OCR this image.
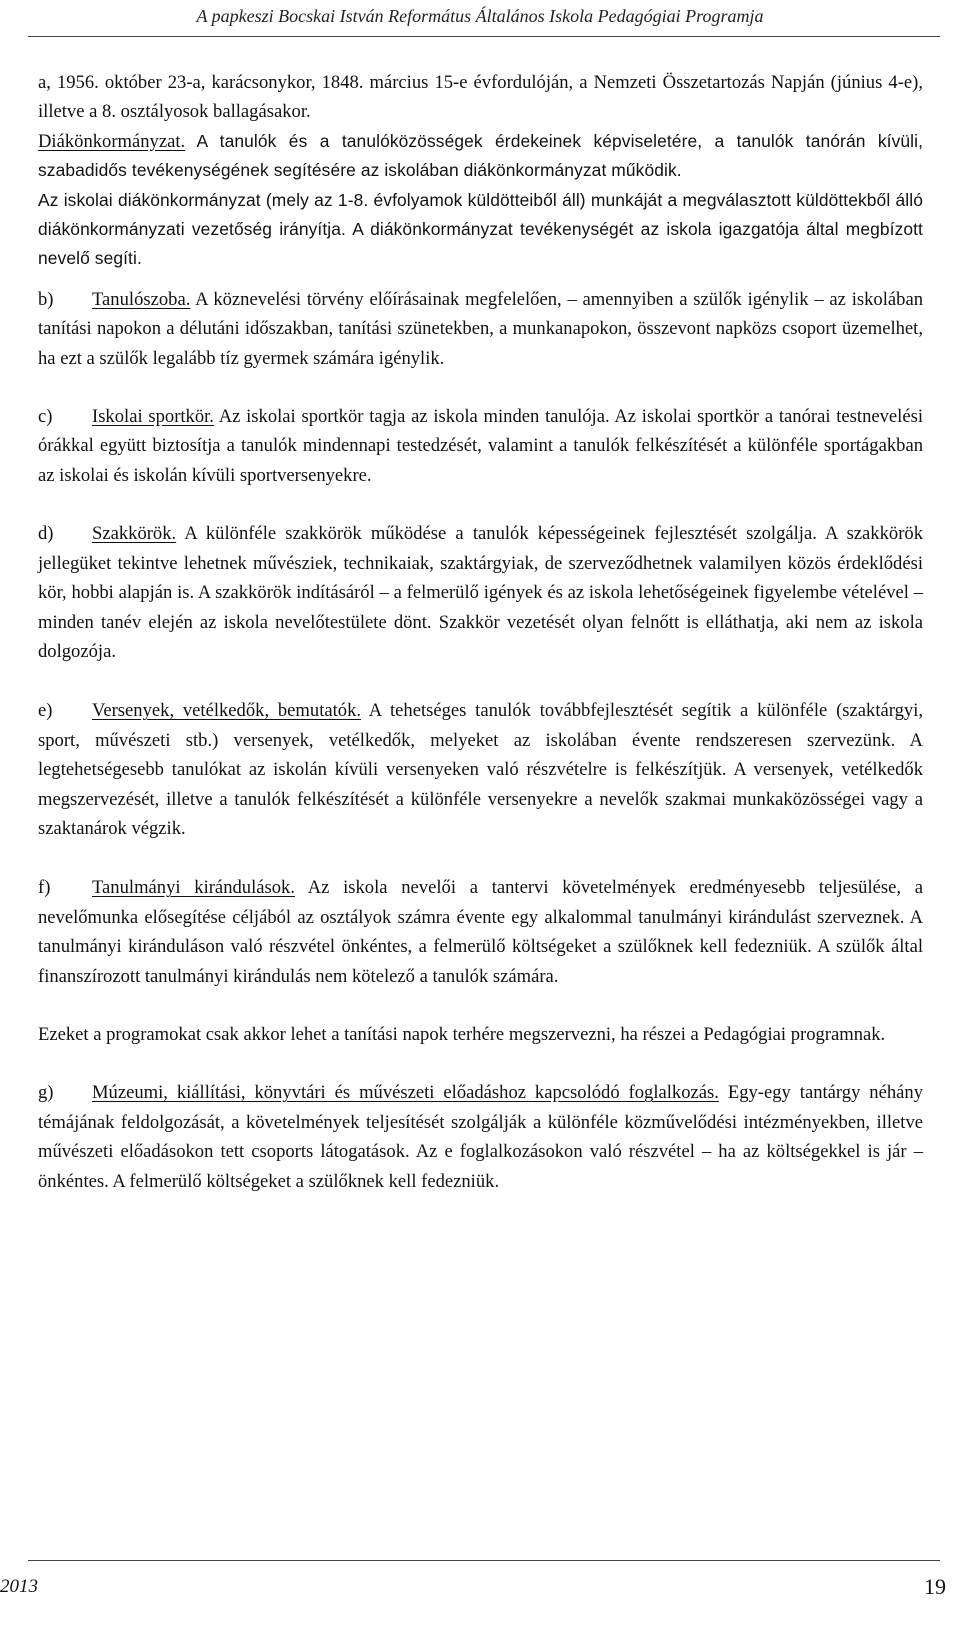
A papkeszi Bocskai István Református Általános Iskola Pedagógiai Programja

a, 1956. október 23-a, karácsonykor, 1848. március 15-e évfordulóján, a Nemzeti Összetartozás Napján (június 4-e), illetve a 8. osztályosok ballagásakor.

Diákönkormányzat. A tanulók és a tanulóközösségek érdekeinek képviseletére, a tanulók tanórán kívüli, szabadidős tevékenységének segítésére az iskolában diákönkormányzat működik.

Az iskolai diákönkormányzat (mely az 1-8. évfolyamok küldötteiből áll) munkáját a megválasztott küldöttekből álló diákönkormányzati vezetőség irányítja. A diákönkormányzat tevékenységét az iskola igazgatója által megbízott nevelő segíti.

b) Tanulószoba. A köznevelési törvény előírásainak megfelelően, – amennyiben a szülők igénylik – az iskolában tanítási napokon a délutáni időszakban, tanítási szünetekben, a munkanapokon, összevont napközs csoport üzemelhet, ha ezt a szülők legalább tíz gyermek számára igénylik.

c) Iskolai sportkör. Az iskolai sportkör tagja az iskola minden tanulója. Az iskolai sportkör a tanórai testnevelési órákkal együtt biztosítja a tanulók mindennapi testedzését, valamint a tanulók felkészítését a különféle sportágakban az iskolai és iskolán kívüli sportversenyekre.

d) Szakkörök. A különféle szakkörök működése a tanulók képességeinek fejlesztését szolgálja. A szakkörök jellegüket tekintve lehetnek művésziek, technikaiak, szaktárgyiak, de szerveződhetnek valamilyen közös érdeklődési kör, hobbi alapján is. A szakkörök indításáról – a felmerülő igények és az iskola lehetőségeinek figyelembe vételével – minden tanév elején az iskola nevelőtestülete dönt. Szakkör vezetését olyan felnőtt is elláthatja, aki nem az iskola dolgozója.

e) Versenyek, vetélkedők, bemutatók. A tehetséges tanulók továbbfejlesztését segítik a különféle (szaktárgyi, sport, művészeti stb.) versenyek, vetélkedők, melyeket az iskolában évente rendszeresen szervezünk. A legtehetségesebb tanulókat az iskolán kívüli versenyeken való részvételre is felkészítjük. A versenyek, vetélkedők megszervezését, illetve a tanulók felkészítését a különféle versenyekre a nevelők szakmai munkaközösségei vagy a szaktanárok végzik.

f) Tanulmányi kirándulások. Az iskola nevelői a tantervi követelmények eredményesebb teljesülése, a nevelőmunka elősegítése céljából az osztályok számra évente egy alkalommal tanulmányi kirándulást szerveznek. A tanulmányi kiránduláson való részvétel önkéntes, a felmerülő költségeket a szülőknek kell fedezniük. A szülők által finanszírozott tanulmányi kirándulás nem kötelező a tanulók számára.

Ezeket a programokat csak akkor lehet a tanítási napok terhére megszervezni, ha részei a Pedagógiai programnak.

g) Múzeumi, kiállítási, könyvtári és művészeti előadáshoz kapcsolódó foglalkozás. Egy-egy tantárgy néhány témájának feldolgozását, a követelmények teljesítését szolgálják a különféle közművelődési intézményekben, illetve művészeti előadásokon tett csoports látogatások. Az e foglalkozásokon való részvétel – ha az költségekkel is jár – önkéntes. A felmerülő költségeket a szülőknek kell fedezniük.

2013	19
